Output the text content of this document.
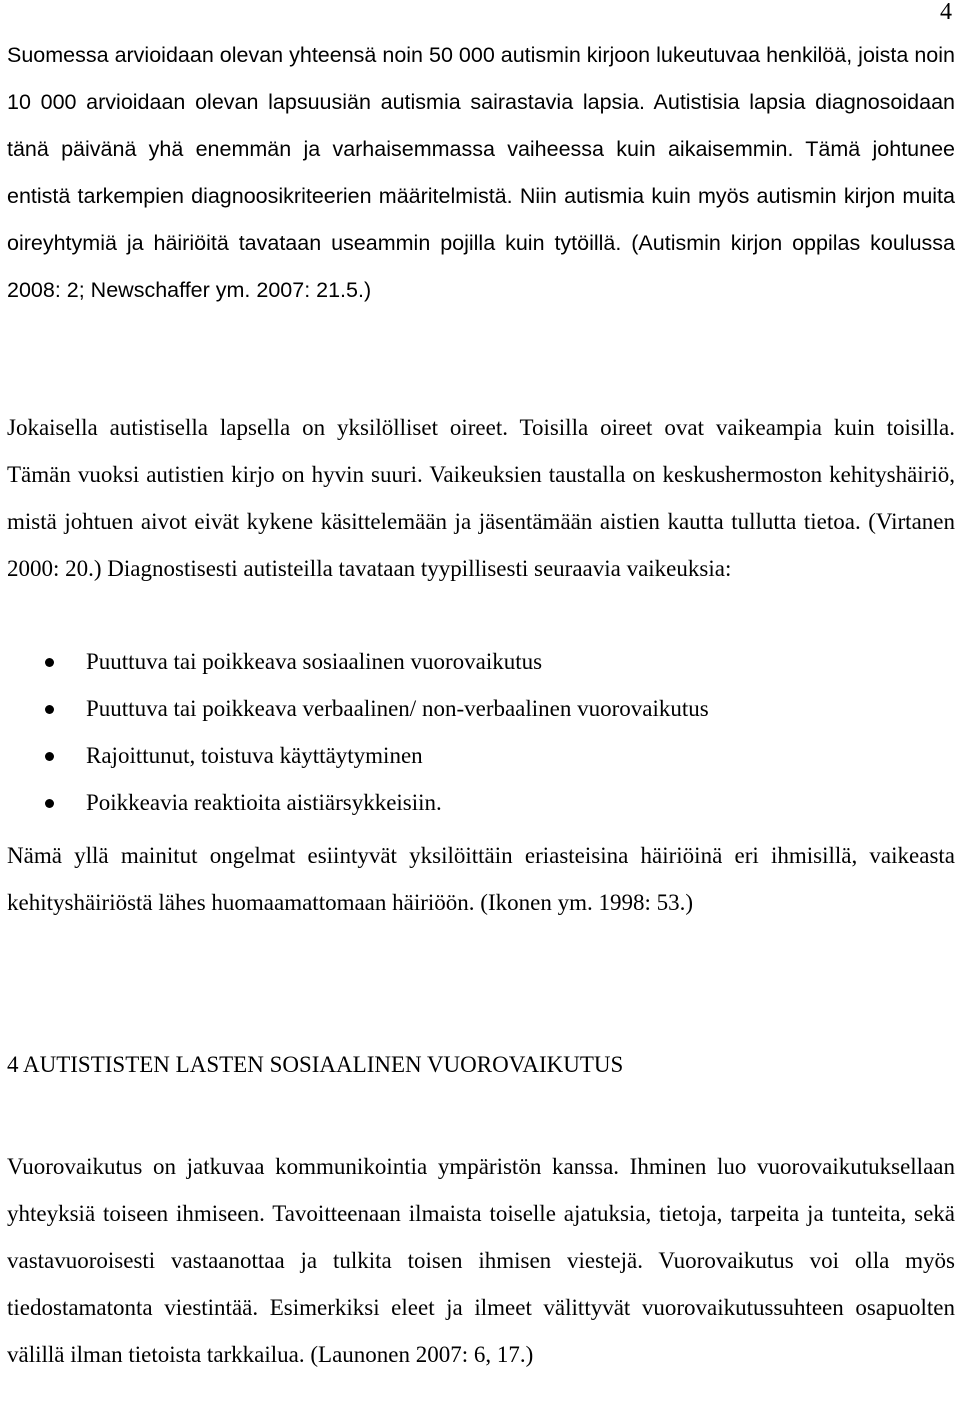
4

Suomessa arvioidaan olevan yhteensä noin 50 000 autismin kirjoon lukeutuvaa henkilöä, joista noin 10 000 arvioidaan olevan lapsuusiän autismia sairastavia lapsia. Autistisia lapsia diagnosoidaan tänä päivänä yhä enemmän ja varhaisemmassa vaiheessa kuin aikaisemmin. Tämä johtunee entistä tarkempien diagnoosikriteerien määritelmistä. Niin autismia kuin myös autismin kirjon muita oireyhtymiä ja häiriöitä tavataan useammin pojilla kuin tytöillä. (Autismin kirjon oppilas koulussa 2008: 2; Newschaffer ym. 2007: 21.5.)

Jokaisella autistisella lapsella on yksilölliset oireet. Toisilla oireet ovat vaikeampia kuin toisilla. Tämän vuoksi autistien kirjo on hyvin suuri. Vaikeuksien taustalla on keskushermoston kehityshäiriö, mistä johtuen aivot eivät kykene käsittelemään ja jäsentämään aistien kautta tullutta tietoa. (Virtanen 2000: 20.) Diagnostisesti autisteilla tavataan tyypillisesti seuraavia vaikeuksia:

Puuttuva tai poikkeava sosiaalinen vuorovaikutus
Puuttuva tai poikkeava verbaalinen/ non-verbaalinen vuorovaikutus
Rajoittunut, toistuva käyttäytyminen
Poikkeavia reaktioita aistiärsykkeisiin.

Nämä yllä mainitut ongelmat esiintyvät yksilöittäin eriasteisina häiriöinä eri ihmisillä, vaikeasta kehityshäiriöstä lähes huomaamattomaan häiriöön. (Ikonen ym. 1998: 53.)

4 AUTISTISTEN LASTEN SOSIAALINEN VUOROVAIKUTUS

Vuorovaikutus on jatkuvaa kommunikointia ympäristön kanssa. Ihminen luo vuorovaikutuksellaan yhteyksiä toiseen ihmiseen. Tavoitteenaan ilmaista toiselle ajatuksia, tietoja, tarpeita ja tunteita, sekä vastavuoroisesti vastaanottaa ja tulkita toisen ihmisen viestejä. Vuorovaikutus voi olla myös tiedostamatonta viestintää. Esimerkiksi eleet ja ilmeet välittyvät vuorovaikutussuhteen osapuolten välillä ilman tietoista tarkkailua. (Launonen 2007: 6, 17.)
